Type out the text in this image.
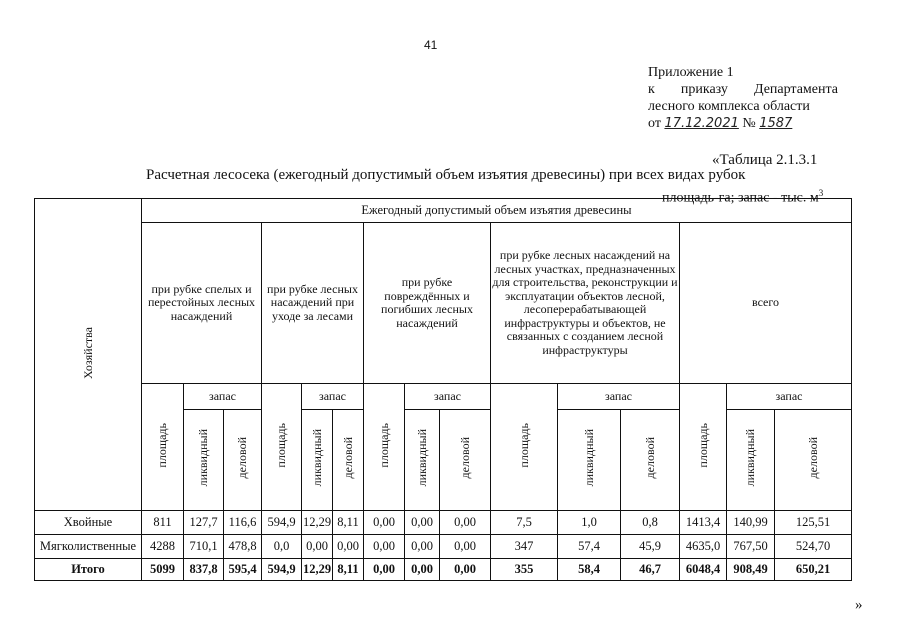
41
Приложение 1
к приказу Департамента
лесного комплекса области
от 17.12.2021 № 1587
«Таблица 2.1.3.1
Расчетная лесосека (ежегодный допустимый объем изъятия древесины) при всех видах рубок
площадь-га; запас - тыс. $м^3$
Хозяйства	Ежегодный допустимый объем изъятия древесины														
	при рубке спелых и перестойных лесных насаждений			при рубке лесных насаждений при уходе за лесами			при рубке повреждённых и погибших лесных насаждений			при рубке лесных насаждений на лесных участках, предназначенных для строительства, реконструкции и эксплуатации объектов лесной, лесоперерабатывающей инфраструктуры и объектов, не связанных с созданием лесной инфраструктуры			всего		
	площадь	запас		площадь	запас		площадь	запас		площадь	запас		площадь	запас	
		ликвидный	деловой		ликвидный	деловой		ликвидный	деловой		ликвидный	деловой		ликвидный	деловой
Хвойные	811	127,7	116,6	594,9	12,29	8,11	0,00	0,00	0,00	7,5	1,0	0,8	1413,4	140,99	125,51
Мягколиственные	4288	710,1	478,8	0,0	0,00	0,00	0,00	0,00	0,00	347	57,4	45,9	4635,0	767,50	524,70
Итого	5099	837,8	595,4	594,9	12,29	8,11	0,00	0,00	0,00	355	58,4	46,7	6048,4	908,49	650,21
»
